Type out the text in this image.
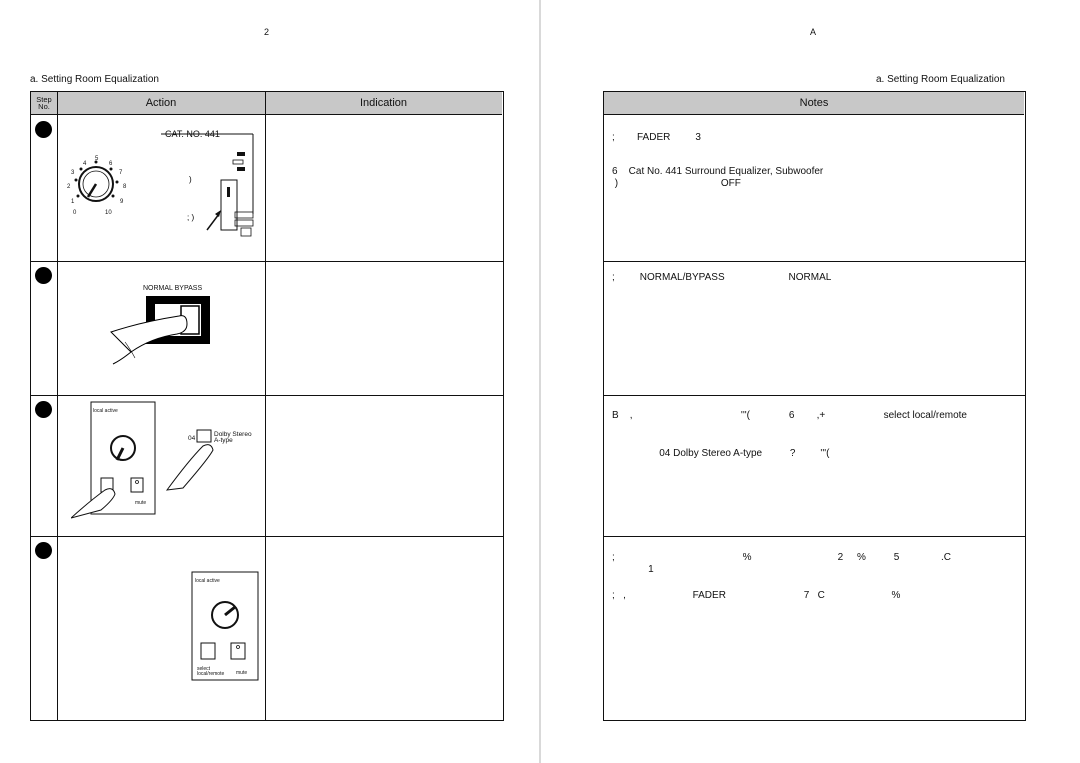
2
a. Setting Room Equalization
Step
No.	Action	Indication
)
; )
CAT. NO. 441
0
1
2
3
4
5
6
7
8
9
10
NORMAL BYPASS
local active
Dolby Stereo
A-type
04
mute
local active
select
local/remote mute
A
a. Setting Room Equalization
Notes
;        FADER         3
6    Cat No. 441 Surround Equalizer, Subwoofer
)                                     OFF
;         NORMAL/BYPASS                       NORMAL
B    ,                                       '''(              6        ,+                     select local/remote
04 Dolby Stereo A-type          ?         '''(
;                                              %                               2     %          5               .C
1
;   ,                        FADER                            7   C                        %
